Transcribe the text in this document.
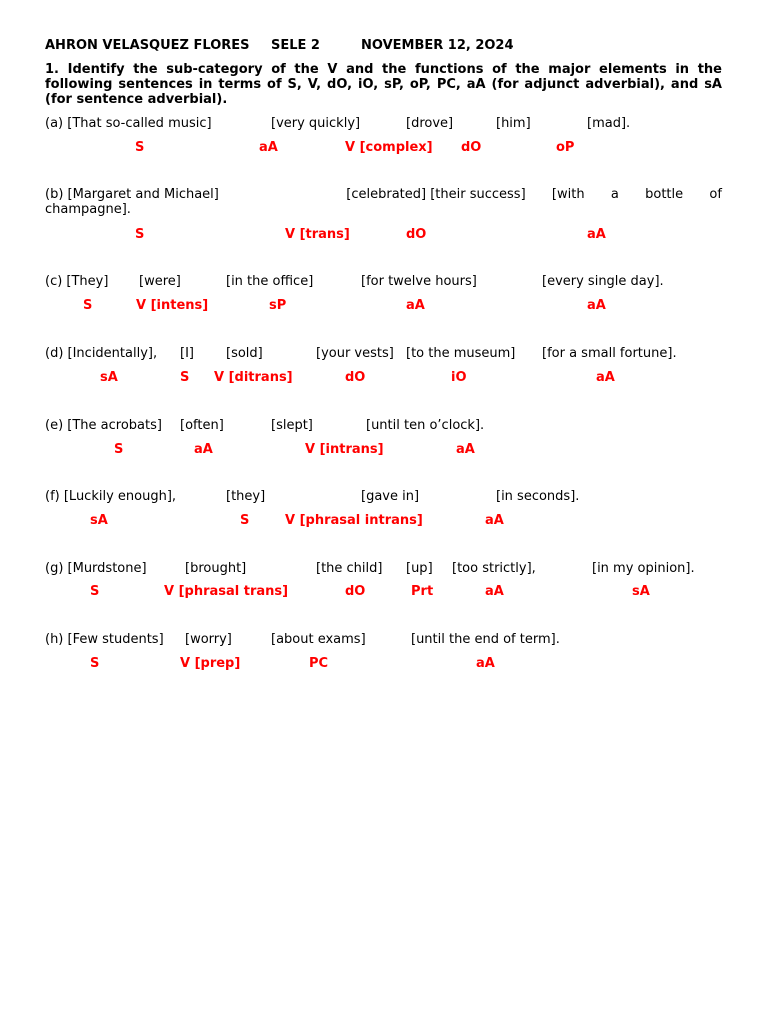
AHRON VELASQUEZ FLORES SELE 2	NOVEMBER 12, 2O24
1. Identify the sub-category of the V and the functions of the major elements in the following sentences in terms of S, V, dO, iO, sP, oP, PC, aA (for adjunct adverbial), and sA (for sentence adverbial).
(a) [That so-called music]	[very quickly]	[drove]	[him]	[mad].
S	aA	V [complex] dO	oP
(b) [Margaret and Michael]	[celebrated] [their success] [with a bottle of
champagne].
S	V [trans]	dO	aA
(c) [They] [were]	[in the office]	[for twelve hours]	[every single day].
S	V [intens]	sP	aA	aA
(d) [Incidentally], [I] [sold]	[your vests] [to the museum] [for a small fortune].
sA	S V [ditrans]	dO	iO	aA
(e) [The acrobats] [often]	[slept]	[until ten o’clock].
S	aA	V [intrans]	aA
(f) [Luckily enough],	[they]	[gave in]	[in seconds].
sA	S	V [phrasal intrans]	aA
(g) [Murdstone]	[brought]	[the child] [up] [too strictly],	[in my opinion].
S	V [phrasal trans]	dO	Prt	aA	sA
(h) [Few students] [worry]	[about exams]	[until the end of term].
S	V [prep]	PC	aA
